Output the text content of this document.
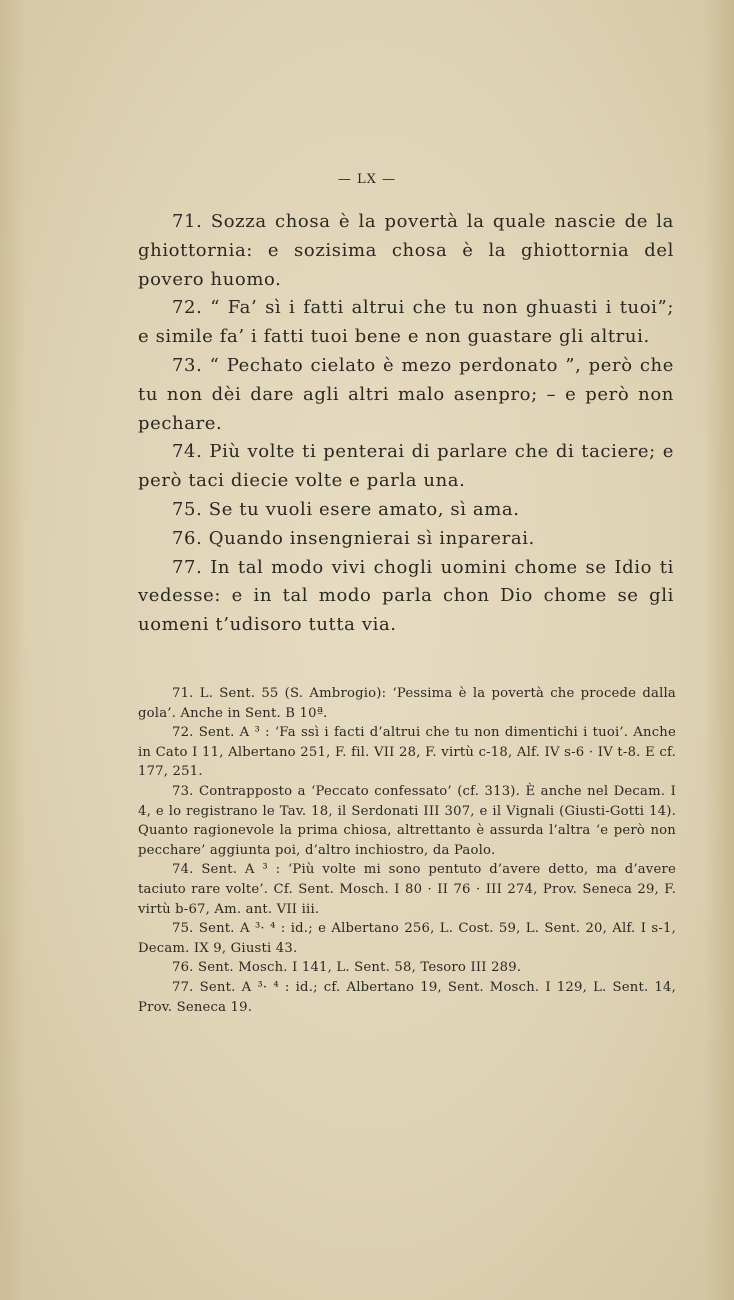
— LX —

71. Sozza chosa è la povertà la quale nascie de la ghiottornia: e sozisima chosa è la ghiottornia del povero huomo.

72. “ Fa’ sì i fatti altrui che tu non ghuasti i tuoi”; e simile fa’ i fatti tuoi bene e non guastare gli altrui.

73. “ Pechato cielato è mezo perdonato ”, però che tu non dèi dare agli altri malo asenpro; – e però non pechare.

74. Più volte ti penterai di parlare che di taciere; e però taci diecie volte e parla una.

75. Se tu vuoli esere amato, sì ama.

76. Quando insengnierai sì inparerai.

77. In tal modo vivi chogli uomini chome se Idio ti vedesse: e in tal modo parla chon Dio chome se gli uomeni t’udisoro tutta via.

71. L. Sent. 55 (S. Ambrogio): ‘Pessima è la povertà che procede dalla gola’. Anche in Sent. B 10ª.

72. Sent. A ³ : ‘Fa ssì i facti d’altrui che tu non dimentichi i tuoi’. Anche in Cato I 11, Albertano 251, F. fil. VII 28, F. virtù c-18, Alf. IV s-6 · IV t-8. E cf. 177, 251.

73. Contrapposto a ‘Peccato confessato’ (cf. 313). È anche nel Decam. I 4, e lo registrano le Tav. 18, il Serdonati III 307, e il Vignali (Giusti-Gotti 14). Quanto ragionevole la prima chiosa, altrettanto è assurda l’altra ‘e però non pecchare’ aggiunta poi, d’altro inchiostro, da Paolo.

74. Sent. A ³ : ‘Più volte mi sono pentuto d’avere detto, ma d’avere taciuto rare volte’. Cf. Sent. Mosch. I 80 · II 76 · III 274, Prov. Seneca 29, F. virtù b-67, Am. ant. VII iii.

75. Sent. A ³· ⁴ : id.; e Albertano 256, L. Cost. 59, L. Sent. 20, Alf. I s-1, Decam. IX 9, Giusti 43.

76. Sent. Mosch. I 141, L. Sent. 58, Tesoro III 289.

77. Sent. A ³· ⁴ : id.; cf. Albertano 19, Sent. Mosch. I 129, L. Sent. 14, Prov. Seneca 19.
